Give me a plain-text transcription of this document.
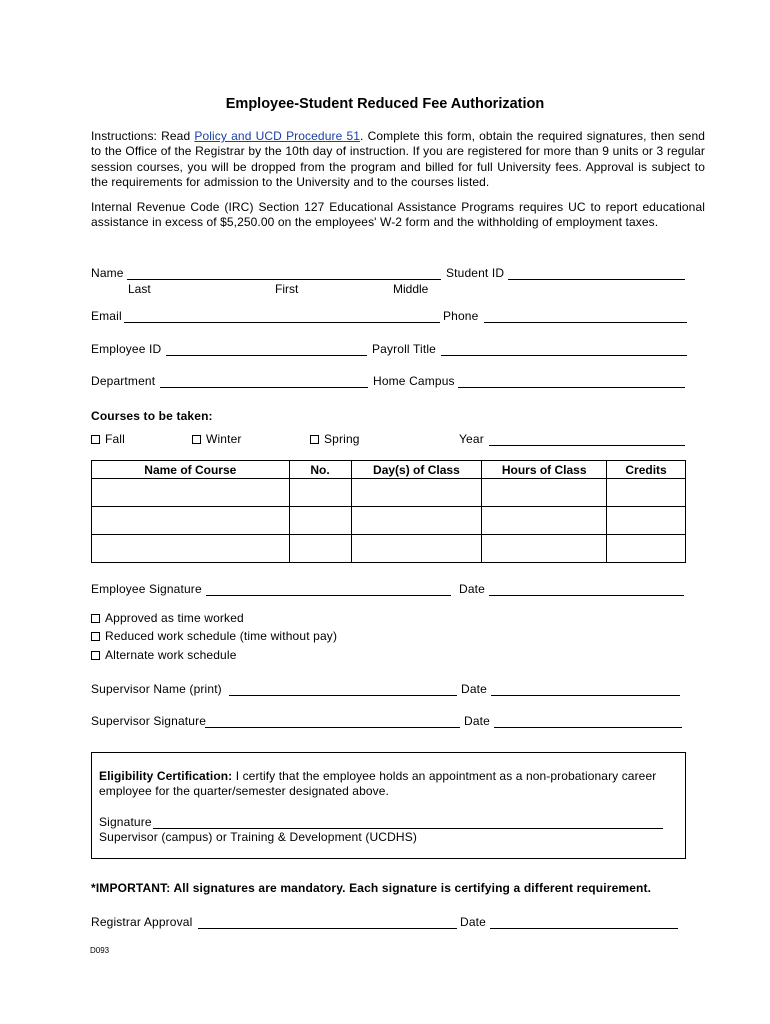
Employee-Student Reduced Fee Authorization
Instructions: Read Policy and UCD Procedure 51. Complete this form, obtain the required signatures, then send to the Office of the Registrar by the 10th day of instruction. If you are registered for more than 9 units or 3 regular session courses, you will be dropped from the program and billed for full University fees. Approval is subject to the requirements for admission to the University and to the courses listed.
Internal Revenue Code (IRC) Section 127 Educational Assistance Programs requires UC to report educational assistance in excess of $5,250.00 on the employees' W-2 form and the withholding of employment taxes.
Name	Student ID
Last	First	Middle
Email	Phone
Employee ID	Payroll Title
Department	Home Campus
Courses to be taken:
Fall	Winter	Spring	Year
Name of Course	No.	Day(s) of Class	Hours of Class	Credits

Employee Signature	Date
Approved as time worked
Reduced work schedule (time without pay)
Alternate work schedule
Supervisor Name (print)	Date
Supervisor Signature	Date
Eligibility Certification: I certify that the employee holds an appointment as a non-probationary career employee for the quarter/semester designated above.
Signature
Supervisor (campus) or Training & Development (UCDHS)
*IMPORTANT: All signatures are mandatory. Each signature is certifying a different requirement.
Registrar Approval	Date
D093
